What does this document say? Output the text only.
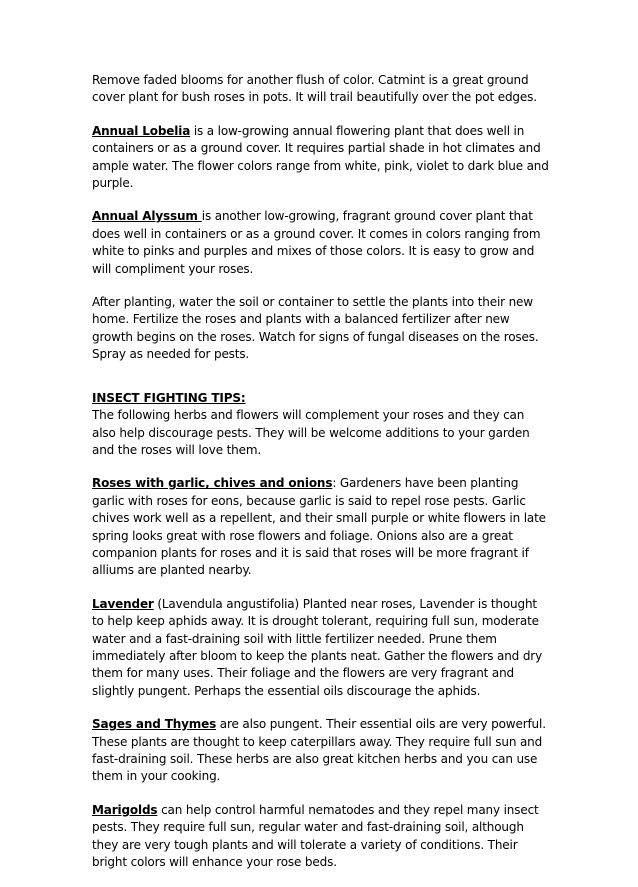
Remove faded blooms for another flush of color. Catmint is a great ground cover plant for bush roses in pots. It will trail beautifully over the pot edges.

Annual Lobelia is a low-growing annual flowering plant that does well in containers or as a ground cover. It requires partial shade in hot climates and ample water. The flower colors range from white, pink, violet to dark blue and purple.

Annual Alyssum is another low-growing, fragrant ground cover plant that does well in containers or as a ground cover. It comes in colors ranging from white to pinks and purples and mixes of those colors. It is easy to grow and will compliment your roses.

After planting, water the soil or container to settle the plants into their new home. Fertilize the roses and plants with a balanced fertilizer after new growth begins on the roses. Watch for signs of fungal diseases on the roses. Spray as needed for pests.

INSECT FIGHTING TIPS:
The following herbs and flowers will complement your roses and they can also help discourage pests. They will be welcome additions to your garden and the roses will love them.

Roses with garlic, chives and onions: Gardeners have been planting garlic with roses for eons, because garlic is said to repel rose pests. Garlic chives work well as a repellent, and their small purple or white flowers in late spring looks great with rose flowers and foliage. Onions also are a great companion plants for roses and it is said that roses will be more fragrant if alliums are planted nearby.

Lavender (Lavendula angustifolia) Planted near roses, Lavender is thought to help keep aphids away. It is drought tolerant, requiring full sun, moderate water and a fast-draining soil with little fertilizer needed. Prune them immediately after bloom to keep the plants neat. Gather the flowers and dry them for many uses. Their foliage and the flowers are very fragrant and slightly pungent. Perhaps the essential oils discourage the aphids.

Sages and Thymes are also pungent. Their essential oils are very powerful. These plants are thought to keep caterpillars away. They require full sun and fast-draining soil. These herbs are also great kitchen herbs and you can use them in your cooking.

Marigolds can help control harmful nematodes and they repel many insect pests. They require full sun, regular water and fast-draining soil, although they are very tough plants and will tolerate a variety of conditions. Their bright colors will enhance your rose beds.
